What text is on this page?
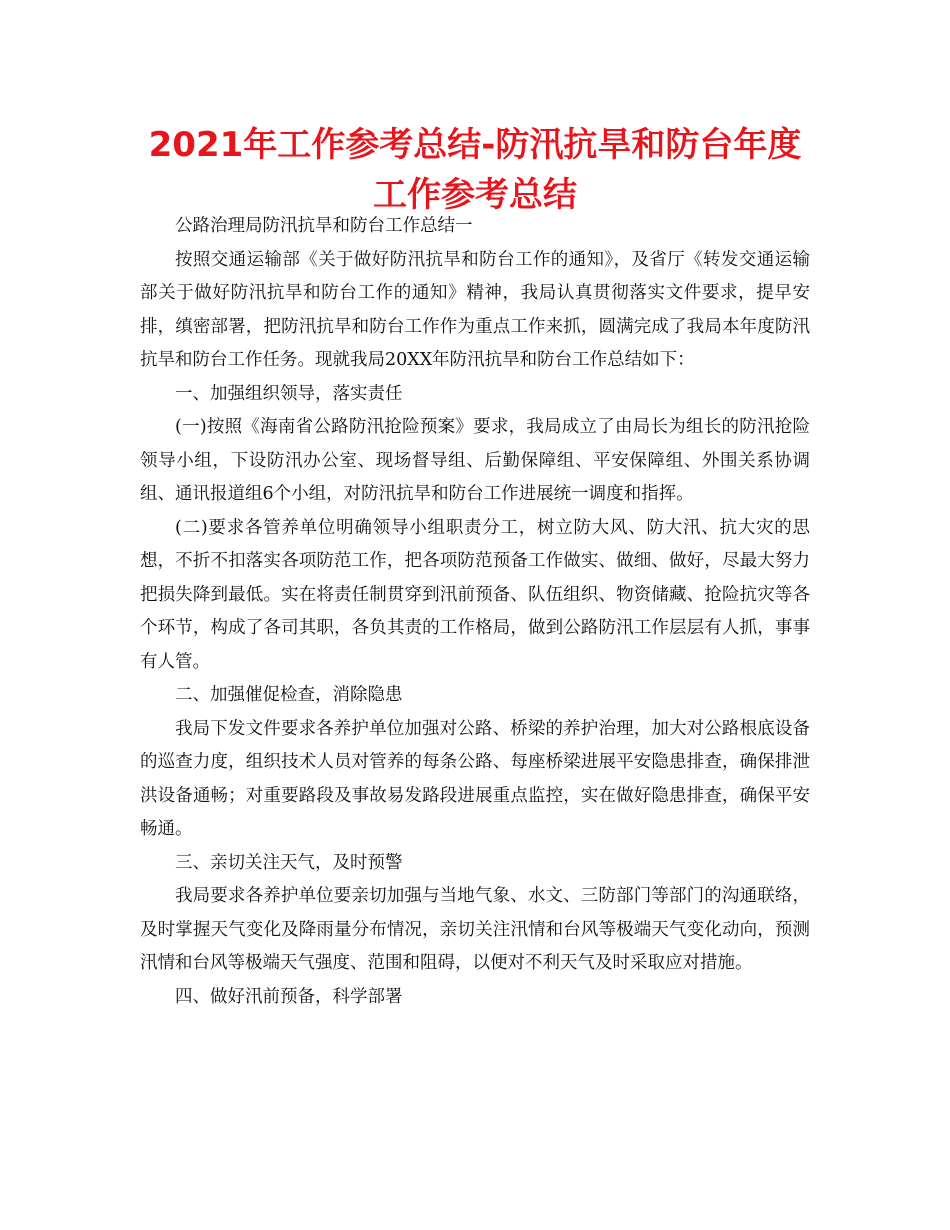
2021年工作参考总结-防汛抗旱和防台年度工作参考总结

公路治理局防汛抗旱和防台工作总结一

按照交通运输部《关于做好防汛抗旱和防台工作的通知》，及省厅《转发交通运输部关于做好防汛抗旱和防台工作的通知》精神，我局认真贯彻落实文件要求，提早安排，缜密部署，把防汛抗旱和防台工作作为重点工作来抓，圆满完成了我局本年度防汛抗旱和防台工作任务。现就我局20XX年防汛抗旱和防台工作总结如下：

一、加强组织领导，落实责任

(一)按照《海南省公路防汛抢险预案》要求，我局成立了由局长为组长的防汛抢险领导小组，下设防汛办公室、现场督导组、后勤保障组、平安保障组、外围关系协调组、通讯报道组6个小组，对防汛抗旱和防台工作进展统一调度和指挥。

(二)要求各管养单位明确领导小组职责分工，树立防大风、防大汛、抗大灾的思想，不折不扣落实各项防范工作，把各项防范预备工作做实、做细、做好，尽最大努力把损失降到最低。实在将责任制贯穿到汛前预备、队伍组织、物资储藏、抢险抗灾等各个环节，构成了各司其职，各负其责的工作格局，做到公路防汛工作层层有人抓，事事有人管。

二、加强催促检查，消除隐患

我局下发文件要求各养护单位加强对公路、桥梁的养护治理，加大对公路根底设备的巡查力度，组织技术人员对管养的每条公路、每座桥梁进展平安隐患排查，确保排泄洪设备通畅；对重要路段及事故易发路段进展重点监控，实在做好隐患排查，确保平安畅通。

三、亲切关注天气，及时预警

我局要求各养护单位要亲切加强与当地气象、水文、三防部门等部门的沟通联络，及时掌握天气变化及降雨量分布情况，亲切关注汛情和台风等极端天气变化动向，预测汛情和台风等极端天气强度、范围和阻碍，以便对不利天气及时采取应对措施。

四、做好汛前预备，科学部署
